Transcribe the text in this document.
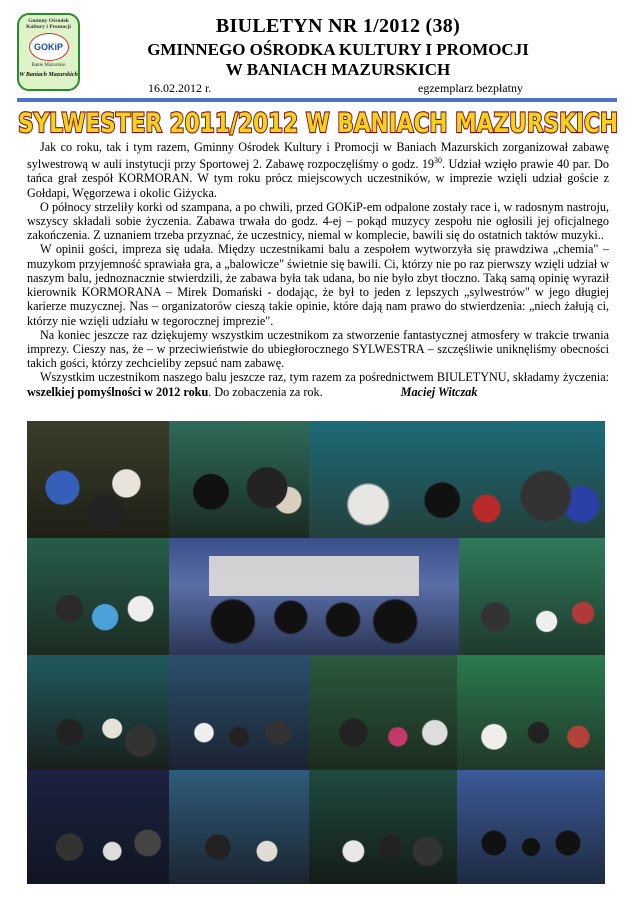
Gminny Ośrodek Kultury i Promocji
GOKiP
Banie Mazurskie
W Baniach Mazurskich
BIULETYN NR 1/2012 (38)
GMINNEGO OŚRODKA KULTURY I PROMOCJI
W BANIACH MAZURSKICH
16.02.2012 r.	egzemplarz bezpłatny
SYLWESTER 2011/2012 W BANIACH MAZURSKICH

Jak co roku, tak i tym razem, Gminny Ośrodek Kultury i Promocji w Baniach Mazurskich zorganizował zabawę sylwestrową w auli instytucji przy Sportowej 2. Zabawę rozpoczęliśmy o godz. $19^{30}$. Udział wzięło prawie 40 par. Do tańca grał zespół KORMORAN. W tym roku prócz miejscowych uczestników, w imprezie wzięli udział goście z Gołdapi, Węgorzewa i okolic Giżycka.

O północy strzeliły korki od szampana, a po chwili, przed GOKiP-em odpalone zostały race i, w radosnym nastroju, wszyscy składali sobie życzenia. Zabawa trwała do godz. 4-ej – pokąd muzycy zespołu nie ogłosili jej oficjalnego zakończenia. Z uznaniem trzeba przyznać, że uczestnicy, niemal w komplecie, bawili się do ostatnich taktów muzyki..

W opinii gości, impreza się udała. Między uczestnikami balu a zespołem wytworzyła się prawdziwa „chemia" – muzykom przyjemność sprawiała gra, a „balowicze" świetnie się bawili. Ci, którzy nie po raz pierwszy wzięli udział w naszym balu, jednoznacznie stwierdzili, że zabawa była tak udana, bo nie było zbyt tłoczno. Taką samą opinię wyraził kierownik KORMORANA – Mirek Domański - dodając, że był to jeden z lepszych „sylwestrów" w jego długiej karierze muzycznej. Nas – organizatorów cieszą takie opinie, które dają nam prawo do stwierdzenia: „niech żałują ci, którzy nie wzięli udziału w tegorocznej imprezie".

Na koniec jeszcze raz dziękujemy wszystkim uczestnikom za stworzenie fantastycznej atmosfery w trakcie trwania imprezy. Cieszy nas, że – w przeciwieństwie do ubiegłorocznego SYLWESTRA – szczęśliwie uniknęliśmy obecności takich gości, którzy zechcieliby zepsuć nam zabawę.

Wszystkim uczestnikom naszego balu jeszcze raz, tym razem za pośrednictwem BIULETYNU, składamy życzenia: wszelkiej pomyślności w 2012 roku. Do zobaczenia za rok.	Maciej Witczak
